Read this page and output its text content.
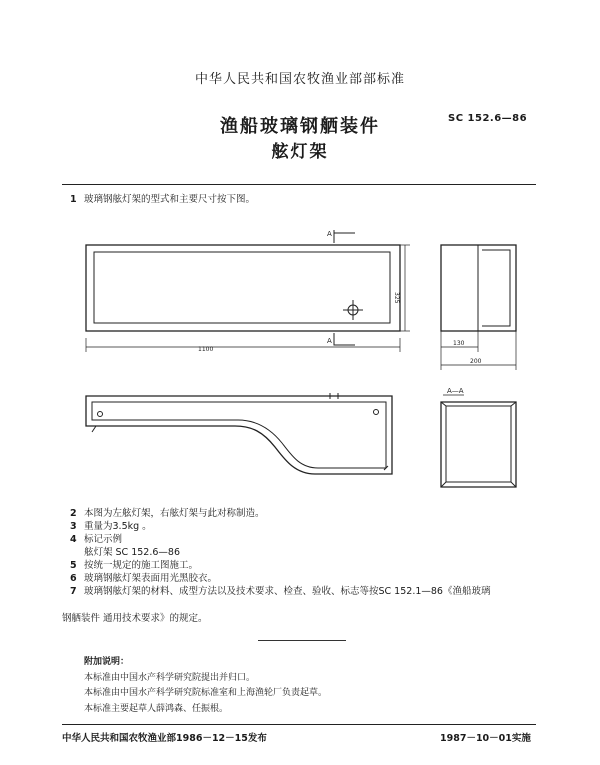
中华人民共和国农牧渔业部部标准
渔船玻璃钢舾装件
舷灯架
SC 152.6—86
1 玻璃钢舷灯架的型式和主要尺寸按下图。
A
A
325
1100
130
200
A—A
2 本图为左舷灯架，右舷灯架与此对称制造。
3 重量为3.5kg 。
4 标记示例
舷灯架 SC 152.6—86
5 按统一规定的施工图施工。
6 玻璃钢舷灯架表面用光黑胶衣。
7 玻璃钢舷灯架的材料、成型方法以及技术要求、检查、验收、标志等按SC 152.1—86《渔船玻璃
钢舾装件 通用技术要求》的规定。
附加说明：
本标准由中国水产科学研究院提出并归口。
本标准由中国水产科学研究院标准室和上海渔轮厂负责起草。
本标准主要起草人薛鸿森、任振根。
中华人民共和国农牧渔业部1986－12－15发布	1987－10－01实施
